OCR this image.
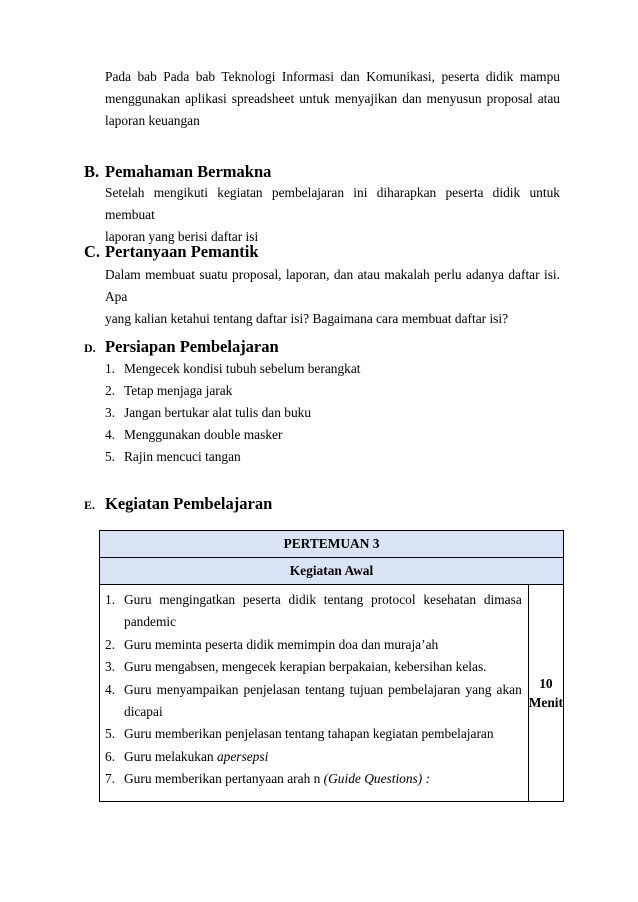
Pada bab Pada bab Teknologi Informasi dan Komunikasi, peserta didik mampu
menggunakan aplikasi spreadsheet untuk menyajikan dan menyusun proposal atau
laporan keuangan
B. Pemahaman Bermakna
Setelah mengikuti kegiatan pembelajaran ini diharapkan peserta didik untuk membuat
laporan yang berisi daftar isi
C. Pertanyaan Pemantik
Dalam membuat suatu proposal, laporan, dan atau makalah perlu adanya daftar isi. Apa
yang kalian ketahui tentang daftar isi? Bagaimana cara membuat daftar isi?
D. Persiapan Pembelajaran
1. Mengecek kondisi tubuh sebelum berangkat
2. Tetap menjaga jarak
3. Jangan bertukar alat tulis dan buku
4. Menggunakan double masker
5. Rajin mencuci tangan
E. Kegiatan Pembelajaran
PERTEMUAN 3
Kegiatan Awal

1. Guru mengingatkan peserta didik tentang protocol kesehatan dimasa
pandemic
2. Guru meminta peserta didik memimpin doa dan muraja’ah
3. Guru mengabsen, mengecek kerapian berpakaian, kebersihan kelas.
4. Guru menyampaikan penjelasan tentang tujuan pembelajaran yang akan
dicapai
5. Guru memberikan penjelasan tentang tahapan kegiatan pembelajaran
6. Guru melakukan apersepsi
7. Guru memberikan pertanyaan arah n (Guide Questions) :

10
Menit
